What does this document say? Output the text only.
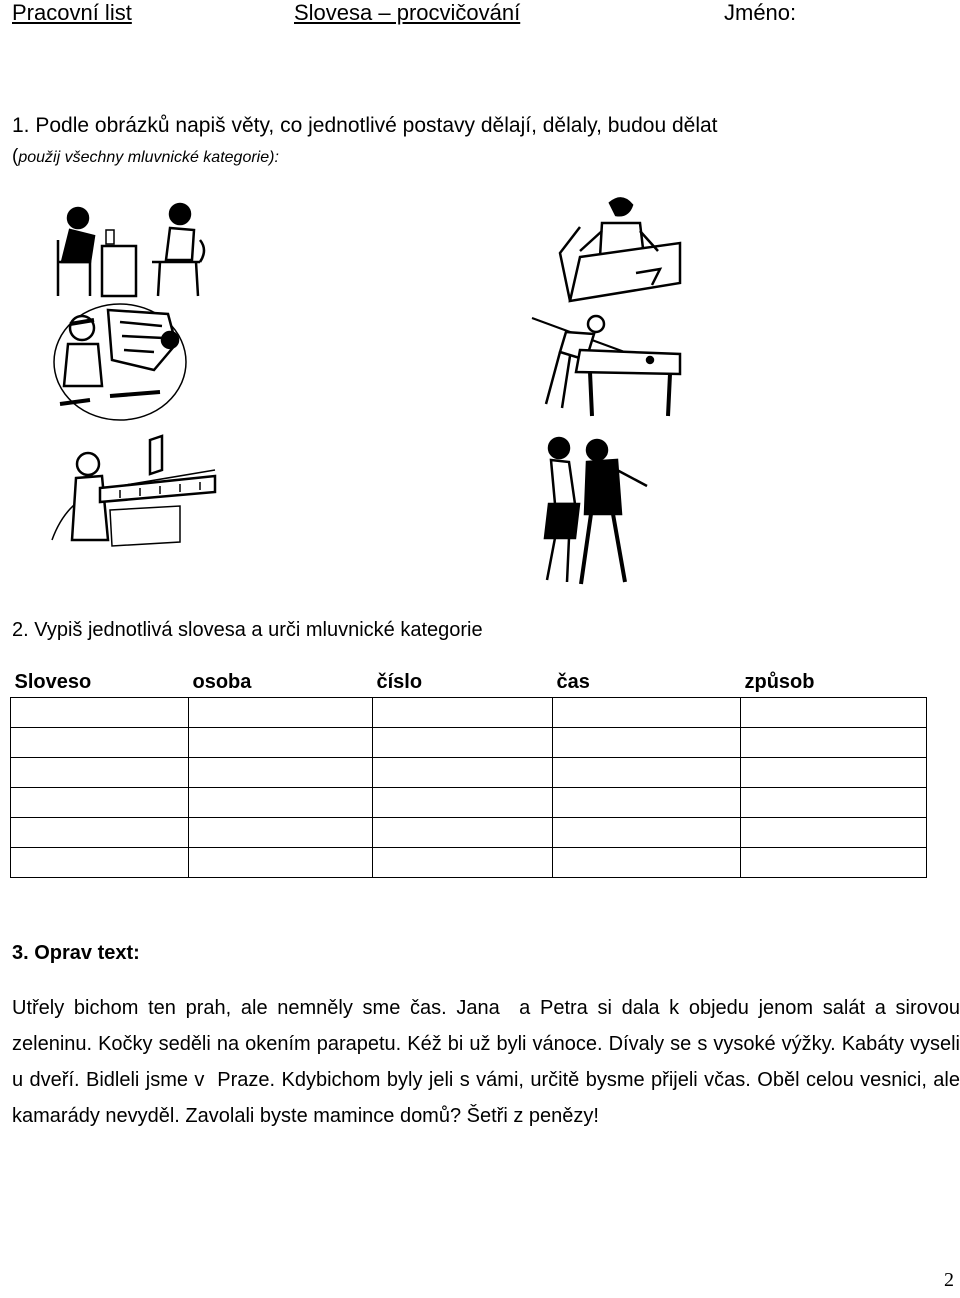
Pracovní list	Slovesa – procvičování	Jméno:
1. Podle obrázků napiš věty, co jednotlivé postavy dělají, dělaly, budou dělat
(použij všechny mluvnické kategorie):
2. Vypiš jednotlivá slovesa a urči mluvnické kategorie
Sloveso	osoba	číslo	čas	způsob

3. Oprav text:
Utřely bichom ten prah, ale nemněly sme čas. Jana  a Petra si dala k objedu jenom salát a sirovou zeleninu. Kočky seděli na okením parapetu. Kéž bi už byli vánoce. Dívaly se s vysoké výžky. Kabáty vyseli u dveří. Bidleli jsme v  Praze. Kdybichom byly jeli s vámi, určitě bysme přijeli včas. Oběl celou vesnici, ale kamarády nevyděl. Zavolali byste mamince domů? Šetři z penězy!
2
